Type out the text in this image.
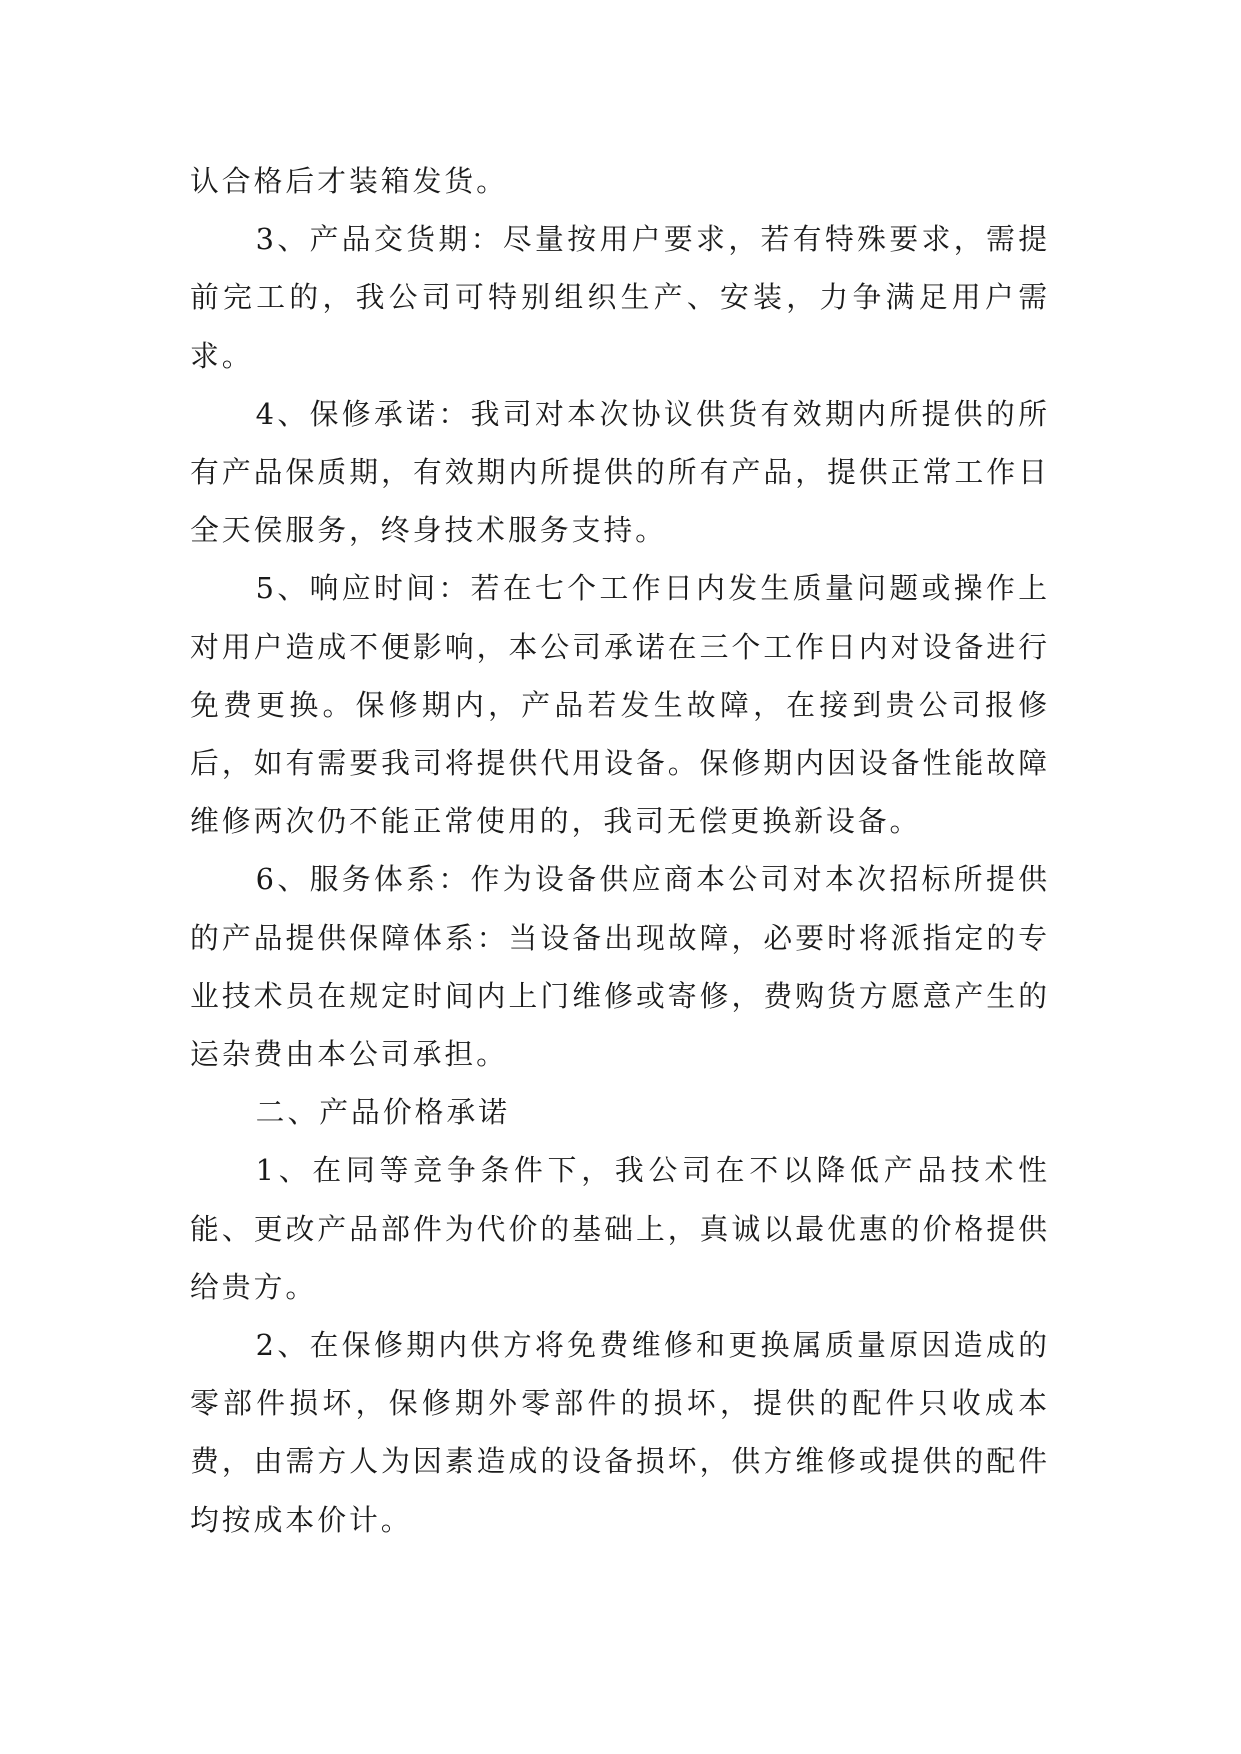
认合格后才装箱发货。

3、产品交货期：尽量按用户要求，若有特殊要求，需提前完工的，我公司可特别组织生产、安装，力争满足用户需求。

4、保修承诺：我司对本次协议供货有效期内所提供的所有产品保质期，有效期内所提供的所有产品，提供正常工作日全天侯服务，终身技术服务支持。

5、响应时间：若在七个工作日内发生质量问题或操作上对用户造成不便影响，本公司承诺在三个工作日内对设备进行免费更换。保修期内，产品若发生故障，在接到贵公司报修后，如有需要我司将提供代用设备。保修期内因设备性能故障维修两次仍不能正常使用的，我司无偿更换新设备。

6、服务体系：作为设备供应商本公司对本次招标所提供的产品提供保障体系：当设备出现故障，必要时将派指定的专业技术员在规定时间内上门维修或寄修，费购货方愿意产生的运杂费由本公司承担。

二、产品价格承诺

1、在同等竞争条件下，我公司在不以降低产品技术性能、更改产品部件为代价的基础上，真诚以最优惠的价格提供给贵方。

2、在保修期内供方将免费维修和更换属质量原因造成的零部件损坏，保修期外零部件的损坏，提供的配件只收成本费，由需方人为因素造成的设备损坏，供方维修或提供的配件均按成本价计。
